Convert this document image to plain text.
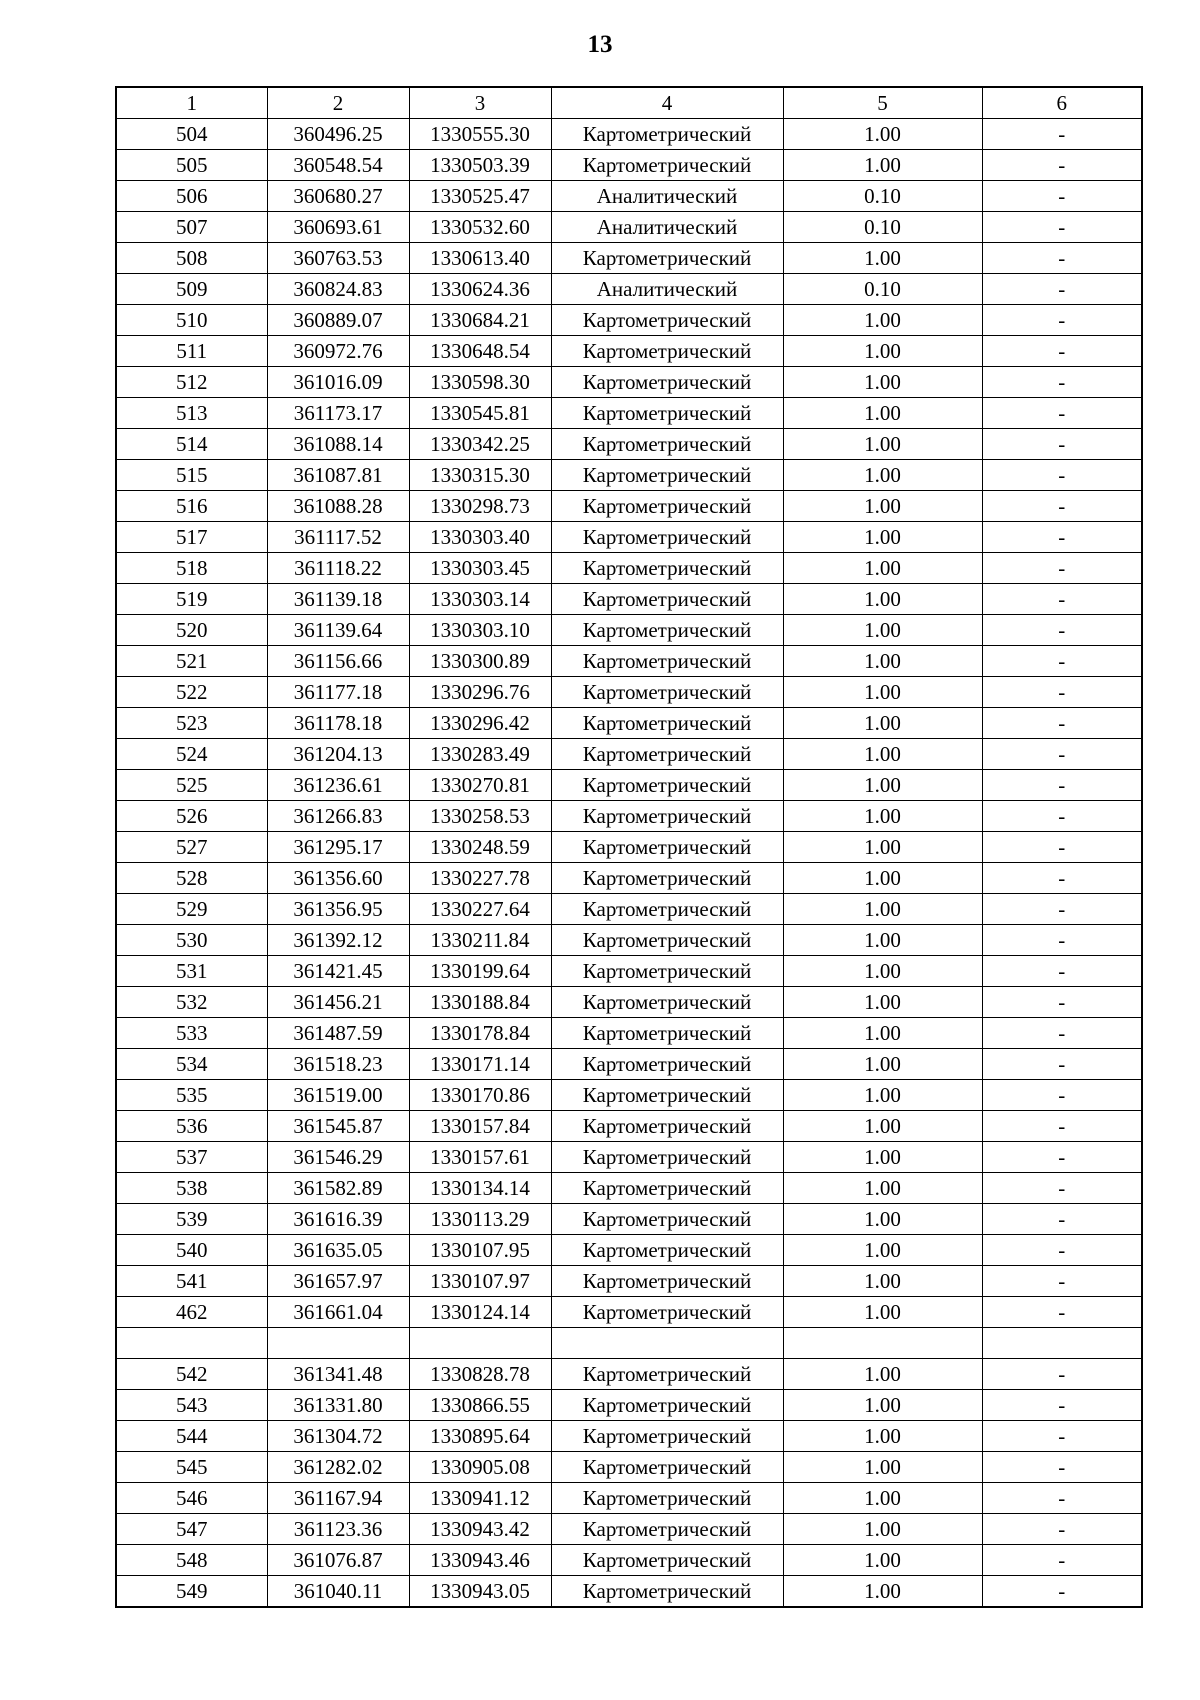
13
1	2	3	4	5	6
504	360496.25	1330555.30	Картометрический	1.00	-
505	360548.54	1330503.39	Картометрический	1.00	-
506	360680.27	1330525.47	Аналитический	0.10	-
507	360693.61	1330532.60	Аналитический	0.10	-
508	360763.53	1330613.40	Картометрический	1.00	-
509	360824.83	1330624.36	Аналитический	0.10	-
510	360889.07	1330684.21	Картометрический	1.00	-
511	360972.76	1330648.54	Картометрический	1.00	-
512	361016.09	1330598.30	Картометрический	1.00	-
513	361173.17	1330545.81	Картометрический	1.00	-
514	361088.14	1330342.25	Картометрический	1.00	-
515	361087.81	1330315.30	Картометрический	1.00	-
516	361088.28	1330298.73	Картометрический	1.00	-
517	361117.52	1330303.40	Картометрический	1.00	-
518	361118.22	1330303.45	Картометрический	1.00	-
519	361139.18	1330303.14	Картометрический	1.00	-
520	361139.64	1330303.10	Картометрический	1.00	-
521	361156.66	1330300.89	Картометрический	1.00	-
522	361177.18	1330296.76	Картометрический	1.00	-
523	361178.18	1330296.42	Картометрический	1.00	-
524	361204.13	1330283.49	Картометрический	1.00	-
525	361236.61	1330270.81	Картометрический	1.00	-
526	361266.83	1330258.53	Картометрический	1.00	-
527	361295.17	1330248.59	Картометрический	1.00	-
528	361356.60	1330227.78	Картометрический	1.00	-
529	361356.95	1330227.64	Картометрический	1.00	-
530	361392.12	1330211.84	Картометрический	1.00	-
531	361421.45	1330199.64	Картометрический	1.00	-
532	361456.21	1330188.84	Картометрический	1.00	-
533	361487.59	1330178.84	Картометрический	1.00	-
534	361518.23	1330171.14	Картометрический	1.00	-
535	361519.00	1330170.86	Картометрический	1.00	-
536	361545.87	1330157.84	Картометрический	1.00	-
537	361546.29	1330157.61	Картометрический	1.00	-
538	361582.89	1330134.14	Картометрический	1.00	-
539	361616.39	1330113.29	Картометрический	1.00	-
540	361635.05	1330107.95	Картометрический	1.00	-
541	361657.97	1330107.97	Картометрический	1.00	-
462	361661.04	1330124.14	Картометрический	1.00	-

542	361341.48	1330828.78	Картометрический	1.00	-
543	361331.80	1330866.55	Картометрический	1.00	-
544	361304.72	1330895.64	Картометрический	1.00	-
545	361282.02	1330905.08	Картометрический	1.00	-
546	361167.94	1330941.12	Картометрический	1.00	-
547	361123.36	1330943.42	Картометрический	1.00	-
548	361076.87	1330943.46	Картометрический	1.00	-
549	361040.11	1330943.05	Картометрический	1.00	-
